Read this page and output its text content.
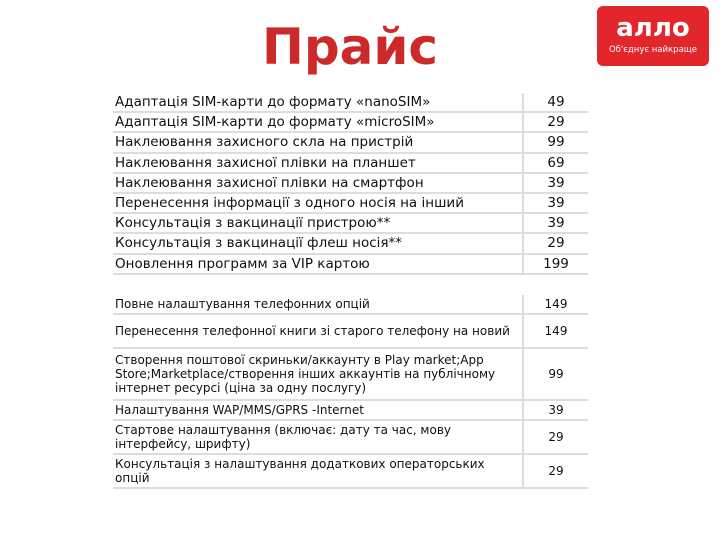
Прайс	алло
Об'єднує найкраще
Адаптація SIM-карти до формату «nanoSIM»	49
Адаптація SIM-карти до формату «microSIM»	29
Наклеювання захисного скла на пристрій	99
Наклеювання захисної плівки на планшет	69
Наклеювання захисної плівки на смартфон	39
Перенесення інформації з одного носія на інший	39
Консультація з вакцинації пристрою**	39
Консультація з вакцинації флеш носія**	29
Оновлення программ за VIP картою	199
Повне налаштування телефонних опцій	149
Перенесення телефонної книги зі старого телефону на новий	149
Створення поштової скриньки/аккаунту в Play market;App Store;Marketplace/створення інших аккаунтів на публічному інтернет ресурсі (ціна за одну послугу)	99
Налаштування WAP/MMS/GPRS -Internet	39
Стартове налаштування (включає: дату та час, мову інтерфейсу, шрифту)	29
Консультація з налаштування додаткових операторських опцій	29
